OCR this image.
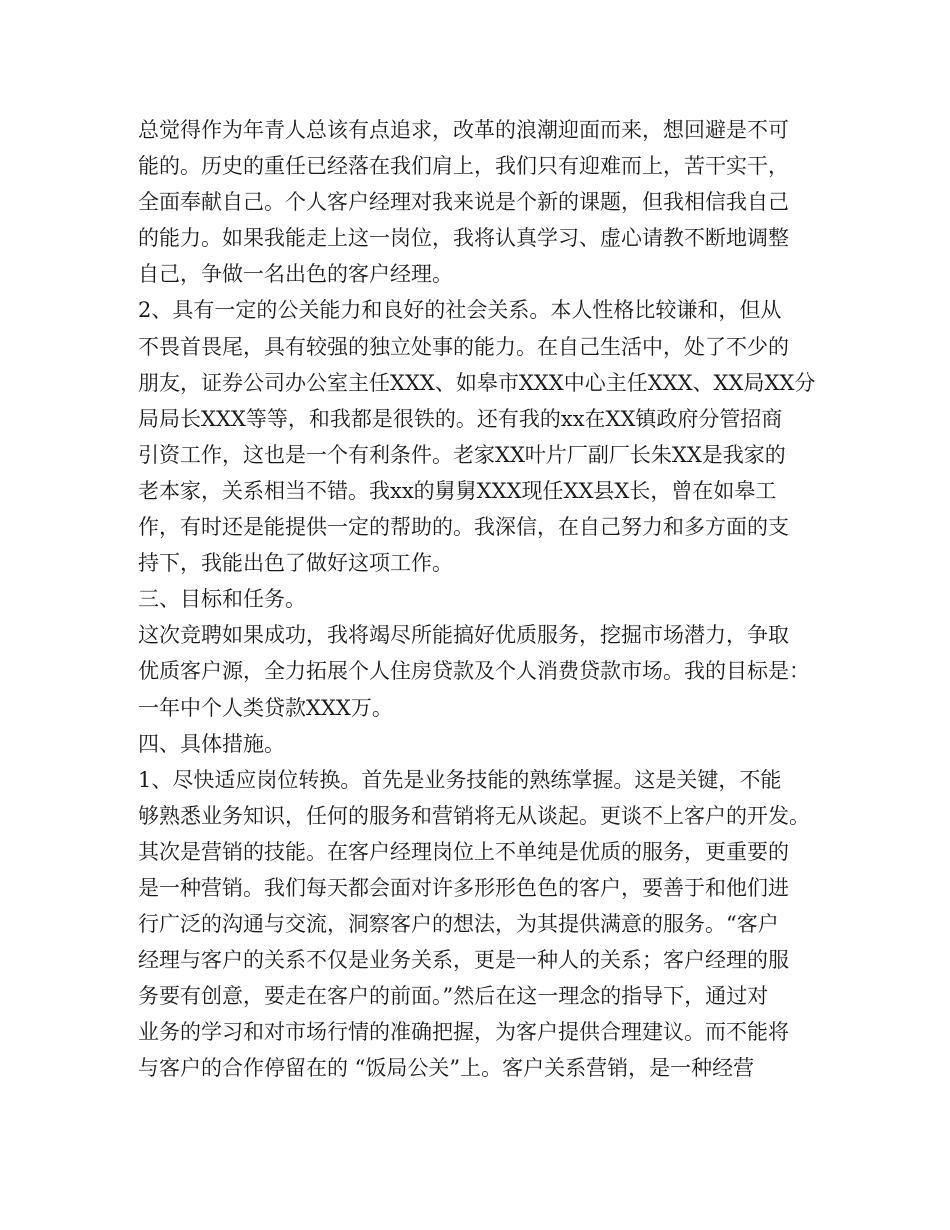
总觉得作为年青人总该有点追求，改革的浪潮迎面而来，想回避是不可
能的。历史的重任已经落在我们肩上，我们只有迎难而上，苦干实干，
全面奉献自己。个人客户经理对我来说是个新的课题，但我相信我自己
的能力。如果我能走上这一岗位，我将认真学习、虚心请教不断地调整
自己，争做一名出色的客户经理。
2、具有一定的公关能力和良好的社会关系。本人性格比较谦和，但从
不畏首畏尾，具有较强的独立处事的能力。在自己生活中，处了不少的
朋友，证券公司办公室主任XXX、如皋市XXX中心主任XXX、XX局XX分
局局长XXX等等，和我都是很铁的。还有我的xx在XX镇政府分管招商
引资工作，这也是一个有利条件。老家XX叶片厂副厂长朱XX是我家的
老本家，关系相当不错。我xx的舅舅XXX现任XX县X长，曾在如皋工
作，有时还是能提供一定的帮助的。我深信，在自己努力和多方面的支
持下，我能出色了做好这项工作。
三、目标和任务。
这次竞聘如果成功，我将竭尽所能搞好优质服务，挖掘市场潜力，争取
优质客户源，全力拓展个人住房贷款及个人消费贷款市场。我的目标是：
一年中个人类贷款XXX万。
四、具体措施。
1、尽快适应岗位转换。首先是业务技能的熟练掌握。这是关键，不能
够熟悉业务知识，任何的服务和营销将无从谈起。更谈不上客户的开发。
其次是营销的技能。在客户经理岗位上不单纯是优质的服务，更重要的
是一种营销。我们每天都会面对许多形形色色的客户，要善于和他们进
行广泛的沟通与交流，洞察客户的想法，为其提供满意的服务。“客户
经理与客户的关系不仅是业务关系，更是一种人的关系；客户经理的服
务要有创意，要走在客户的前面。”然后在这一理念的指导下，通过对
业务的学习和对市场行情的准确把握，为客户提供合理建议。而不能将
与客户的合作停留在的 “饭局公关”上。客户关系营销，是一种经营
